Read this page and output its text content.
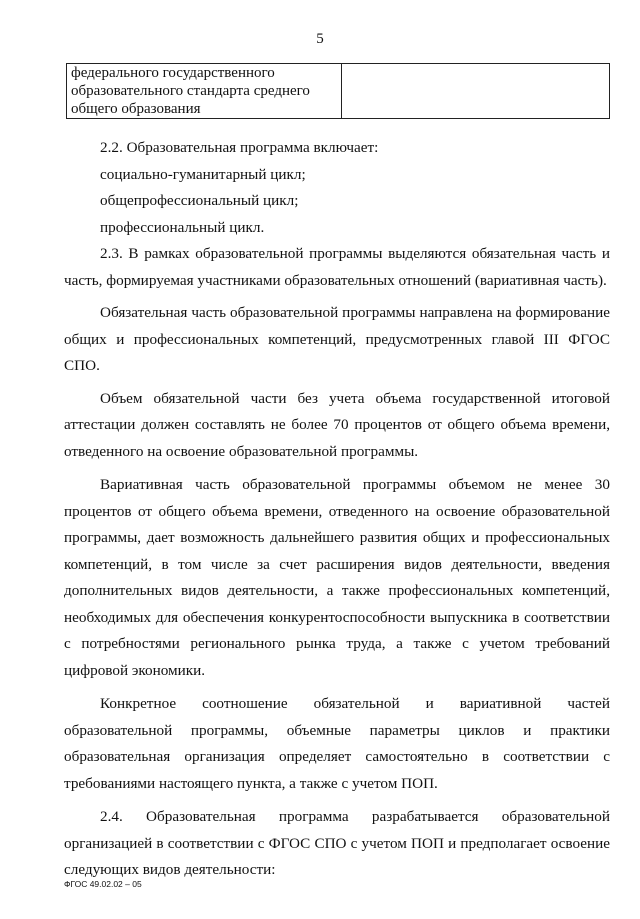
5
федерального государственного
образовательного стандарта среднего
общего образования

2.2. Образовательная программа включает:

социально-гуманитарный цикл;

общепрофессиональный цикл;

профессиональный цикл.

2.3. В рамках образовательной программы выделяются обязательная часть и часть, формируемая участниками образовательных отношений (вариативная часть).

Обязательная часть образовательной программы направлена на формирование общих и профессиональных компетенций, предусмотренных главой III ФГОС СПО.

Объем обязательной части без учета объема государственной итоговой аттестации должен составлять не более 70 процентов от общего объема времени, отведенного на освоение образовательной программы.

Вариативная часть образовательной программы объемом не менее 30 процентов от общего объема времени, отведенного на освоение образовательной программы, дает возможность дальнейшего развития общих и профессиональных компетенций, в том числе за счет расширения видов деятельности, введения дополнительных видов деятельности, а также профессиональных компетенций, необходимых для обеспечения конкурентоспособности выпускника в соответствии с потребностями регионального рынка труда, а также с учетом требований цифровой экономики.

Конкретное соотношение обязательной и вариативной частей образовательной программы, объемные параметры циклов и практики образовательная организация определяет самостоятельно в соответствии с требованиями настоящего пункта, а также с учетом ПОП.

2.4. Образовательная программа разрабатывается образовательной организацией в соответствии с ФГОС СПО с учетом ПОП и предполагает освоение следующих видов деятельности:

ФГОС 49.02.02 – 05
